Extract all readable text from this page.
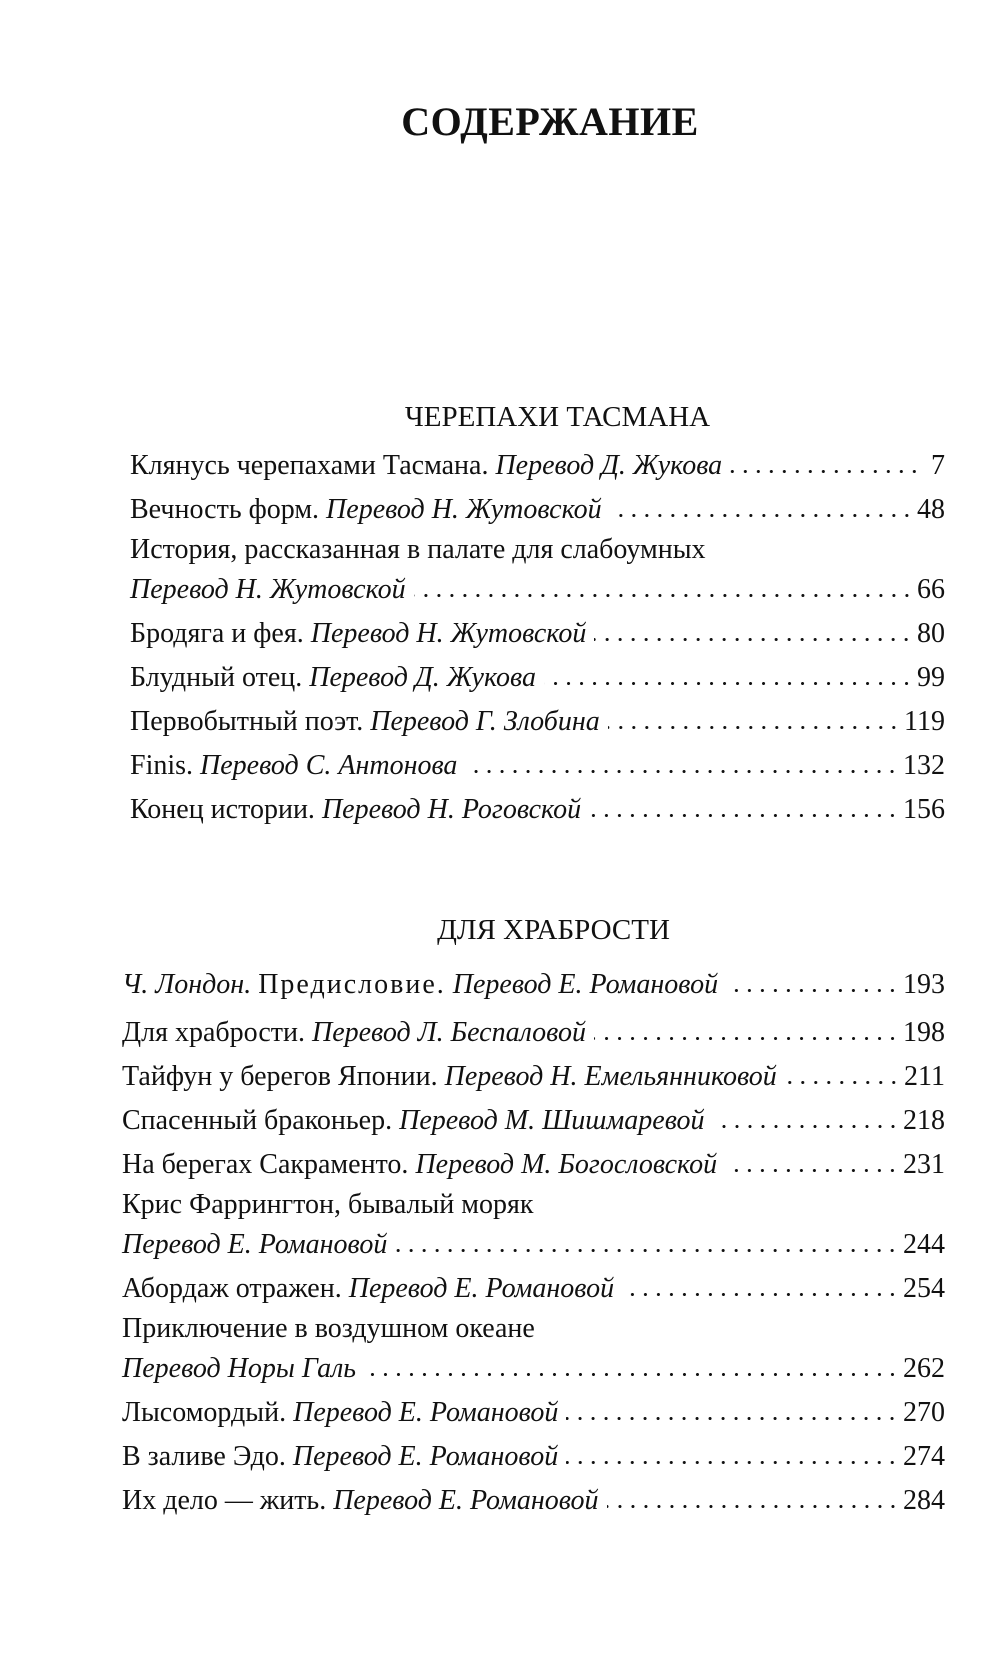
СОДЕРЖАНИЕ
ЧЕРЕПАХИ ТАСМАНА
Клянусь черепахами Тасмана. Перевод Д. Жукова	7
Вечность форм. Перевод Н. Жутовской	48
История, рассказанная в палате для слабоумных
Перевод Н. Жутовской	66
Бродяга и фея. Перевод Н. Жутовской	80
Блудный отец. Перевод Д. Жукова	99
Первобытный поэт. Перевод Г. Злобина	119
Finis. Перевод С. Антонова	132
Конец истории. Перевод Н. Роговской	156
ДЛЯ ХРАБРОСТИ
Ч. Лондон. Предисловие. Перевод Е. Романовой	193
Для храбрости. Перевод Л. Беспаловой	198
Тайфун у берегов Японии. Перевод Н. Емельянниковой	211
Спасенный браконьер. Перевод М. Шишмаревой	218
На берегах Сакраменто. Перевод М. Богословской	231
Крис Фаррингтон, бывалый моряк
Перевод Е. Романовой	244
Абордаж отражен. Перевод Е. Романовой	254
Приключение в воздушном океане
Перевод Норы Галь	262
Лысомордый. Перевод Е. Романовой	270
В заливе Эдо. Перевод Е. Романовой	274
Их дело — жить. Перевод Е. Романовой	284
